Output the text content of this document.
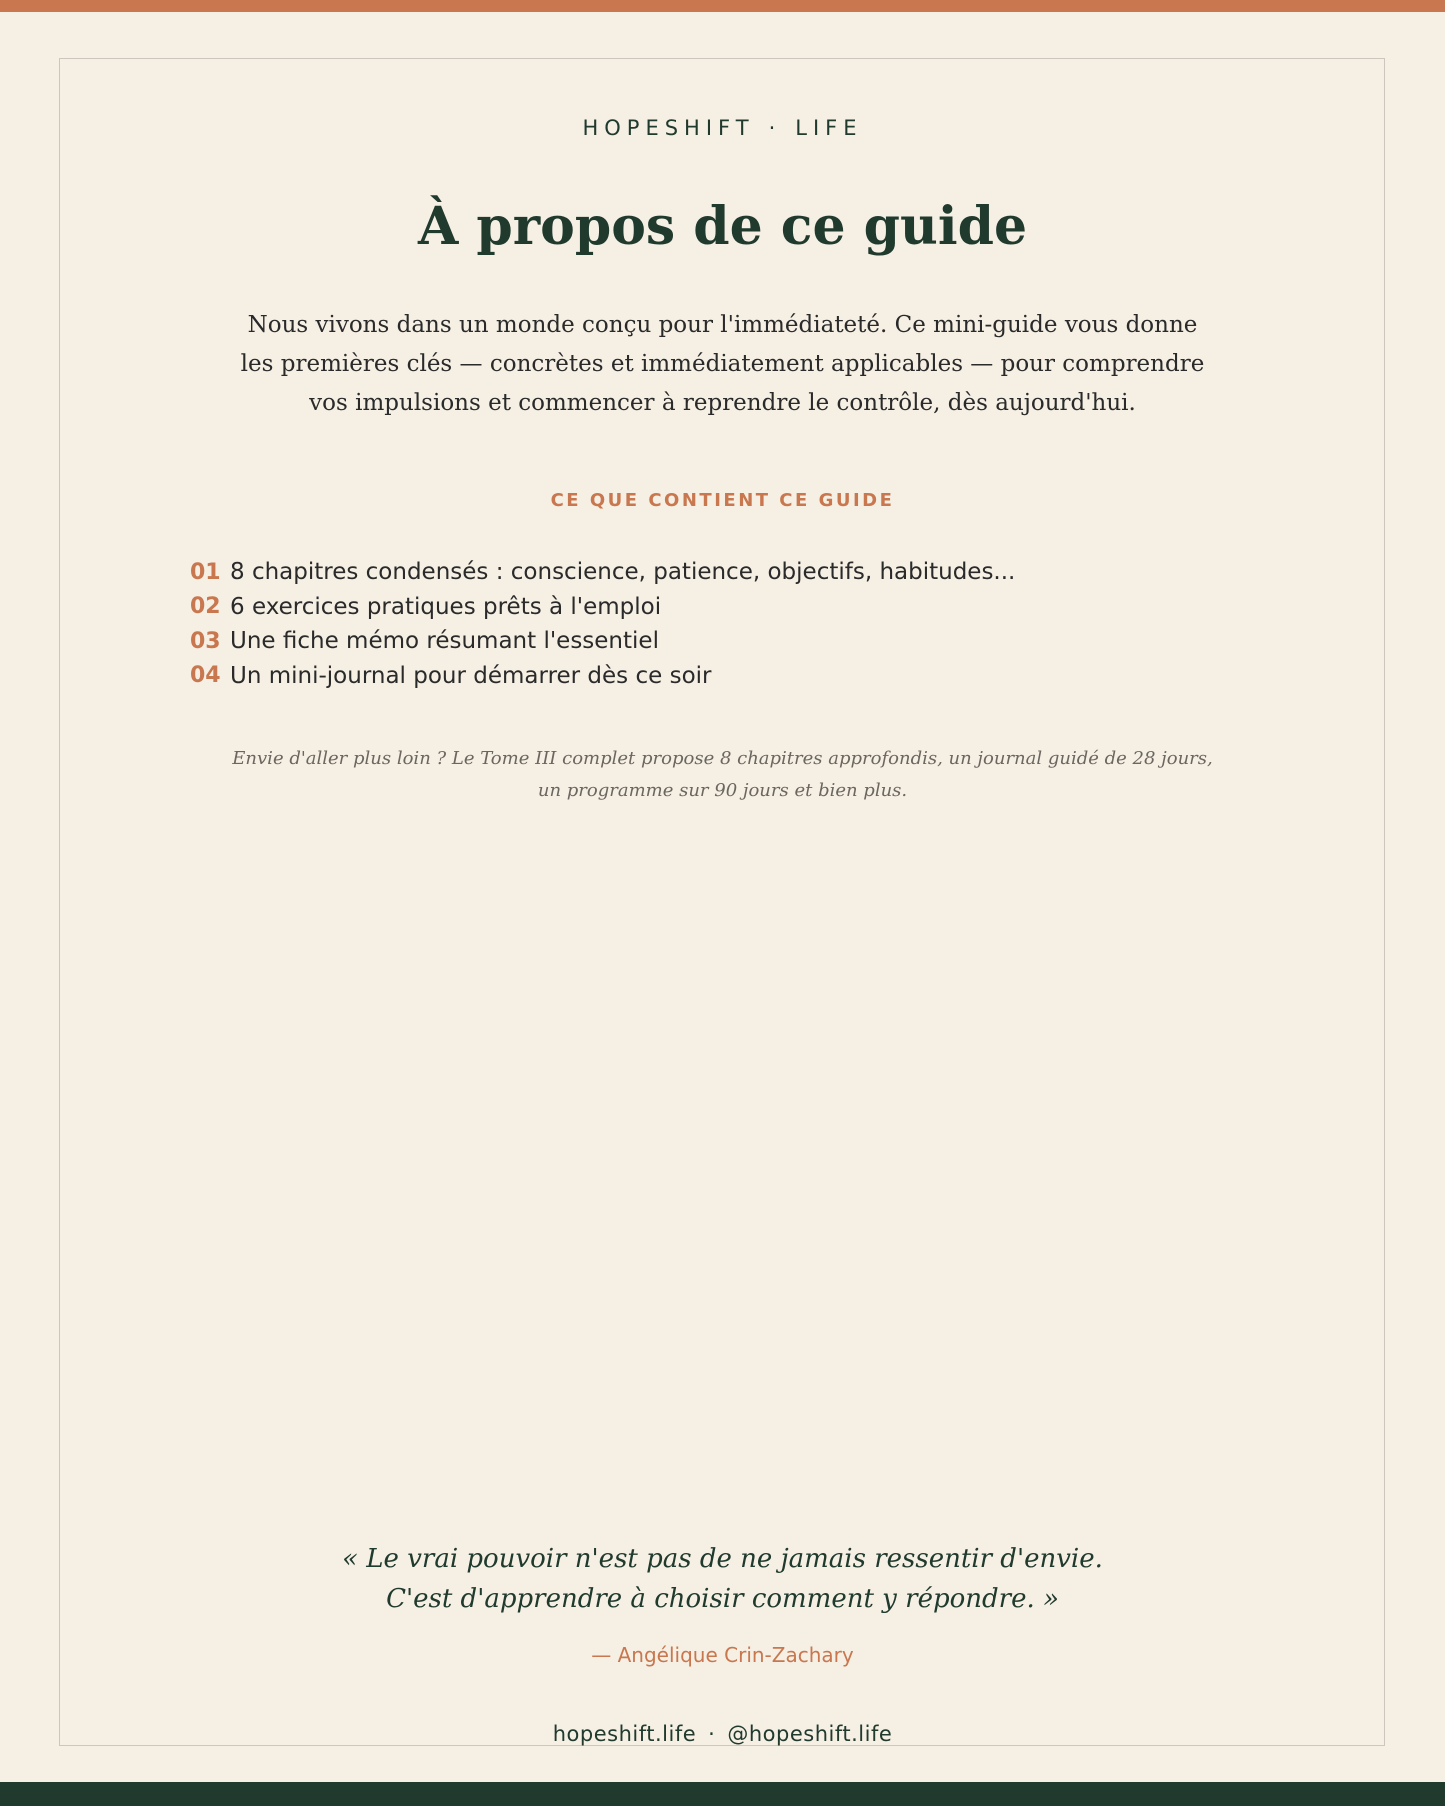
HOPESHIFT · LIFE
À propos de ce guide

Nous vivons dans un monde conçu pour l'immédiateté. Ce mini-guide vous donne les premières clés — concrètes et immédiatement applicables — pour comprendre vos impulsions et commencer à reprendre le contrôle, dès aujourd'hui.

CE QUE CONTIENT CE GUIDE
01 8 chapitres condensés : conscience, patience, objectifs, habitudes...
02 6 exercices pratiques prêts à l'emploi
03 Une fiche mémo résumant l'essentiel
04 Un mini-journal pour démarrer dès ce soir

Envie d'aller plus loin ? Le Tome III complet propose 8 chapitres approfondis, un journal guidé de 28 jours, un programme sur 90 jours et bien plus.

« Le vrai pouvoir n'est pas de ne jamais ressentir d'envie.
C'est d'apprendre à choisir comment y répondre. »

— Angélique Crin-Zachary
hopeshift.life · @hopeshift.life
